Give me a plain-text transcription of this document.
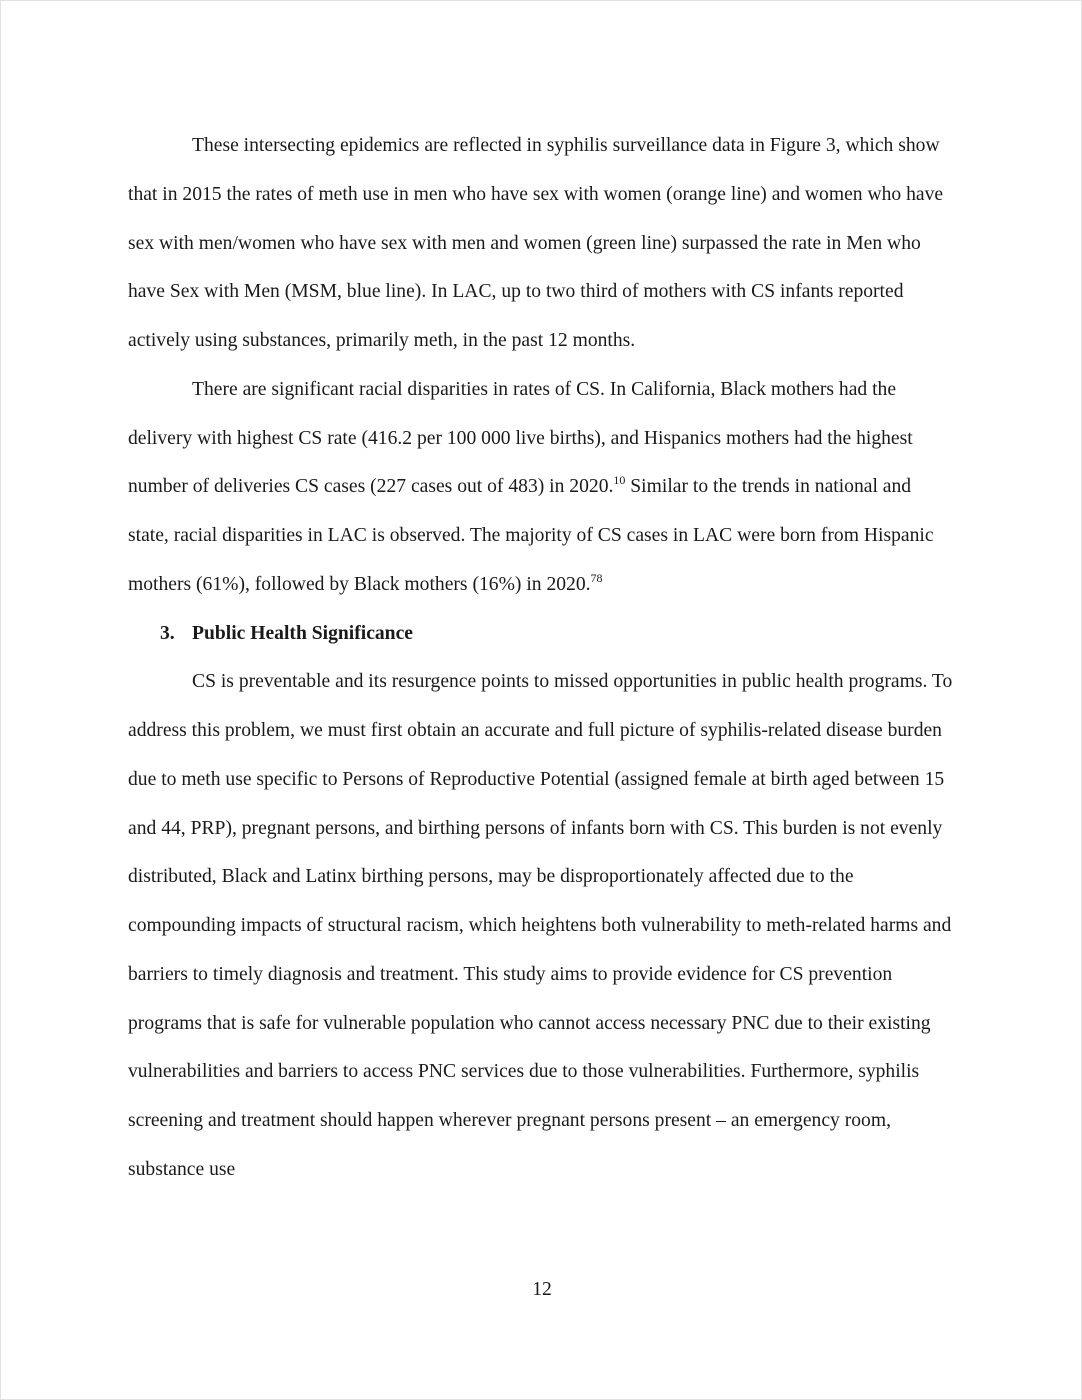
These intersecting epidemics are reflected in syphilis surveillance data in Figure 3, which show that in 2015 the rates of meth use in men who have sex with women (orange line) and women who have sex with men/women who have sex with men and women (green line) surpassed the rate in Men who have Sex with Men (MSM, blue line). In LAC, up to two third of mothers with CS infants reported actively using substances, primarily meth, in the past 12 months.

There are significant racial disparities in rates of CS. In California, Black mothers had the delivery with highest CS rate (416.2 per 100 000 live births), and Hispanics mothers had the highest number of deliveries CS cases (227 cases out of 483) in 2020.10 Similar to the trends in national and state, racial disparities in LAC is observed. The majority of CS cases in LAC were born from Hispanic mothers (61%), followed by Black mothers (16%) in 2020.78

3. Public Health Significance

CS is preventable and its resurgence points to missed opportunities in public health programs. To address this problem, we must first obtain an accurate and full picture of syphilis-related disease burden due to meth use specific to Persons of Reproductive Potential (assigned female at birth aged between 15 and 44, PRP), pregnant persons, and birthing persons of infants born with CS. This burden is not evenly distributed, Black and Latinx birthing persons, may be disproportionately affected due to the compounding impacts of structural racism, which heightens both vulnerability to meth-related harms and barriers to timely diagnosis and treatment. This study aims to provide evidence for CS prevention programs that is safe for vulnerable population who cannot access necessary PNC due to their existing vulnerabilities and barriers to access PNC services due to those vulnerabilities. Furthermore, syphilis screening and treatment should happen wherever pregnant persons present – an emergency room, substance use

12
